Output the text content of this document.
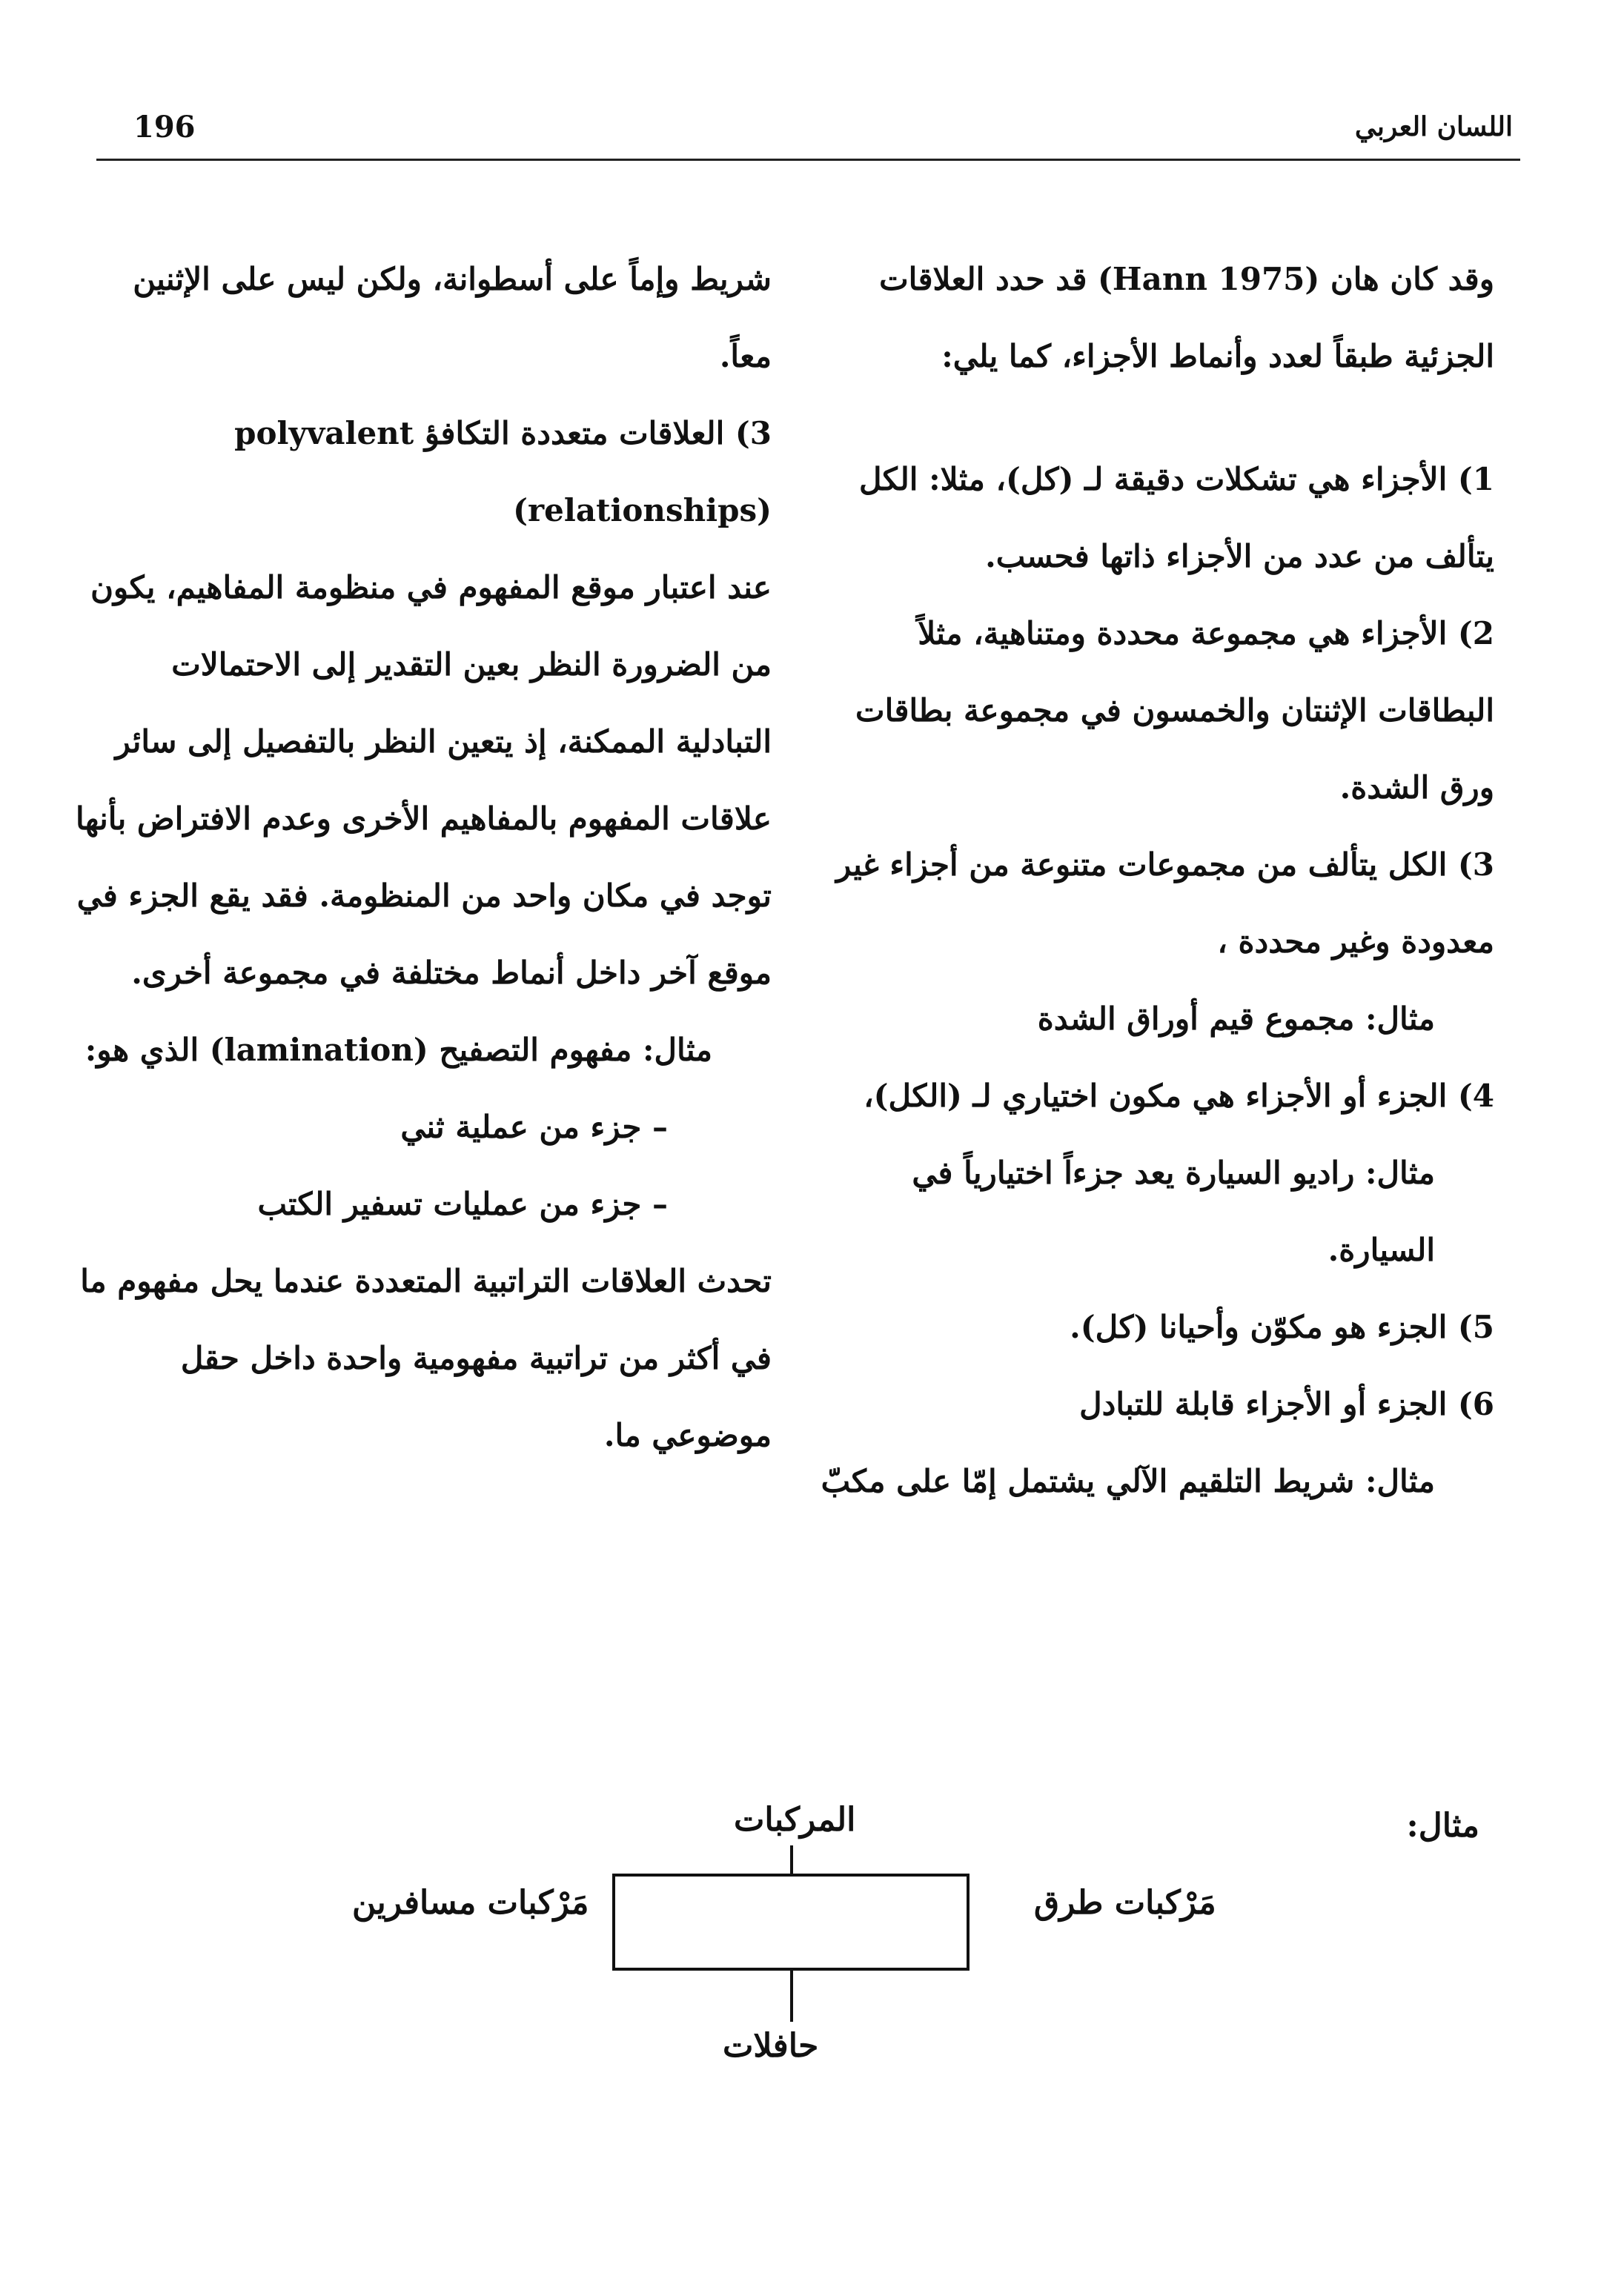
196	اللسان العربي

وقد كان هان (Hann 1975) قد حدد العلاقات الجزئية طبقاً لعدد وأنماط الأجزاء، كما يلي:

1) الأجزاء هي تشكلات دقيقة لـ (كل)، مثلا: الكل يتألف من عدد من الأجزاء ذاتها فحسب.

2) الأجزاء هي مجموعة محددة ومتناهية، مثلاً البطاقات الإثنتان والخمسون في مجموعة بطاقات ورق الشدة.

3) الكل يتألف من مجموعات متنوعة من أجزاء غير معدودة وغير محددة ،

مثال: مجموع قيم أوراق الشدة

4) الجزء أو الأجزاء هي مكون اختياري لـ (الكل)،

مثال: راديو السيارة يعد جزءاً اختيارياً في السيارة.

5) الجزء هو مكوّن وأحيانا (كل).

6) الجزء أو الأجزاء قابلة للتبادل

مثال: شريط التلقيم الآلي يشتمل إمّا على مكبّ

شريط وإماً على أسطوانة، ولكن ليس على الإثنين معاً.

3) العلاقات متعددة التكافؤ polyvalent (relationships)

عند اعتبار موقع المفهوم في منظومة المفاهيم، يكون من الضرورة النظر بعين التقدير إلى الاحتمالات التبادلية الممكنة، إذ يتعين النظر بالتفصيل إلى سائر علاقات المفهوم بالمفاهيم الأخرى وعدم الافتراض بأنها توجد في مكان واحد من المنظومة. فقد يقع الجزء في موقع آخر داخل أنماط مختلفة في مجموعة أخرى.

مثال: مفهوم التصفيح (lamination) الذي هو:

– جزء من عملية ثني

– جزء من عمليات تسفير الكتب

تحدث العلاقات التراتبية المتعددة عندما يحل مفهوم ما في أكثر من تراتبية مفهومية واحدة داخل حقل موضوعي ما.

مثال:
المركبات
مَرْكبات طرق
مَرْكبات مسافرين
حافلات
